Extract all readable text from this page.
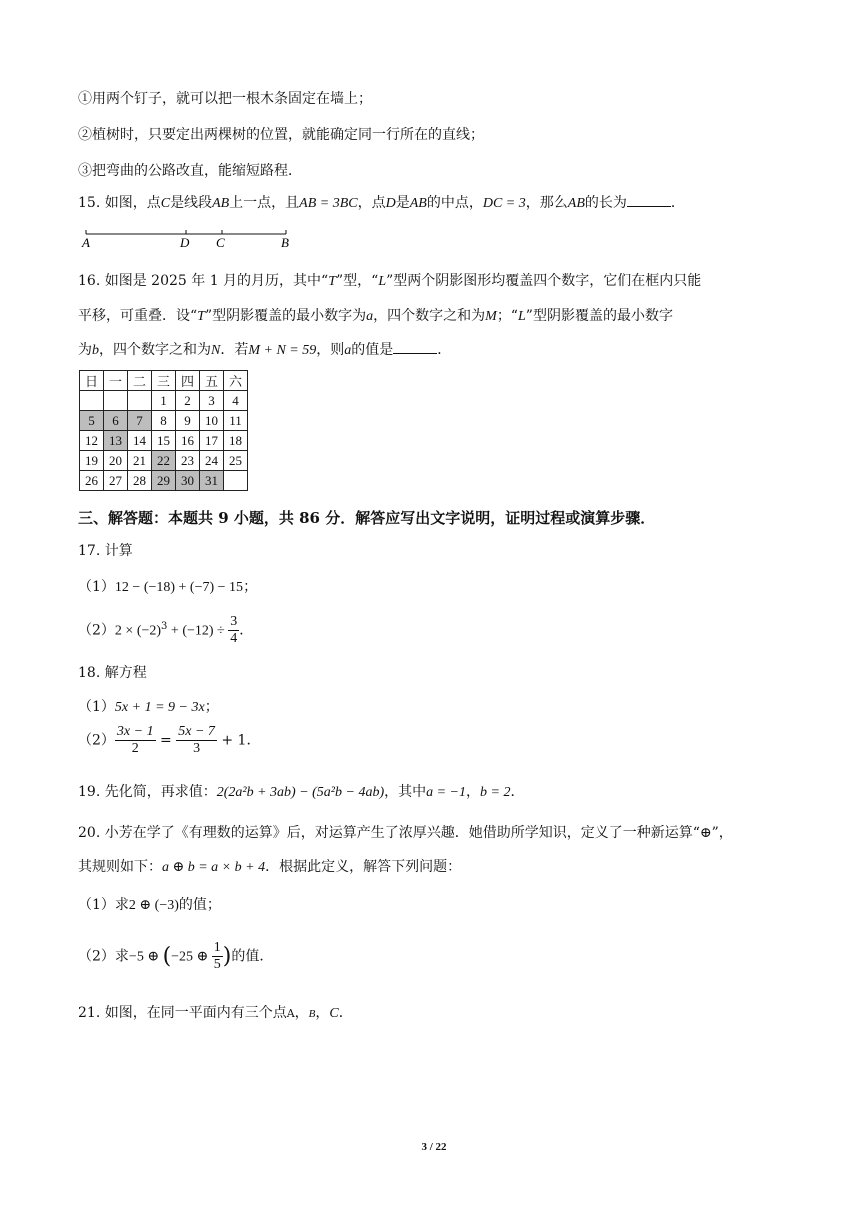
①用两个钉子，就可以把一根木条固定在墙上；
②植树时，只要定出两棵树的位置，就能确定同一行所在的直线；
③把弯曲的公路改直，能缩短路程．
15. 如图，点C是线段AB上一点，且AB = 3BC，点D是AB的中点，DC = 3，那么AB的长为	．
A	D C	B
16. 如图是 2025 年 1 月的月历，其中“T”型，“L”型两个阴影图形均覆盖四个数字，它们在框内只能
平移，可重叠．设“T”型阴影覆盖的最小数字为a，四个数字之和为M；“L”型阴影覆盖的最小数字
为b，四个数字之和为N．若M + N = 59，则a的值是	．
日	一	二	三	四	五	六
			1	2	3	4
5	6	7	8	9	10	11
12	13	14	15	16	17	18
19	20	21	22	23	24	25
26	27	28	29	30	31	
三、解答题：本题共 9 小题，共 86 分．解答应写出文字说明，证明过程或演算步骤．
17. 计算
（1）12 − (−18) + (−7) − 15；
$(2)2 \times (-2)^3 + (-12) \div \frac{3}{4}$ ．
18. 解方程
（1）5x + 1 = 9 − 3x；
$(2) \frac{3x - 1}{2} = \frac{5x - 7}{3} + 1$．
19. 先化简，再求值：2(2a²b + 3ab) − (5a²b − 4ab)，其中a = −1，b = 2．
20. 小芳在学了《有理数的运算》后，对运算产生了浓厚兴趣．她借助所学知识，定义了一种新运算“⊕”，
其规则如下：a ⊕ b = a × b + 4．根据此定义，解答下列问题：
（1）求2 ⊕ (−3)的值；
（2）求−5 ⊕ (−25 ⊕ $\frac{1}{5}$ )的值．
21. 如图，在同一平面内有三个点A，B，C．
3 / 22
